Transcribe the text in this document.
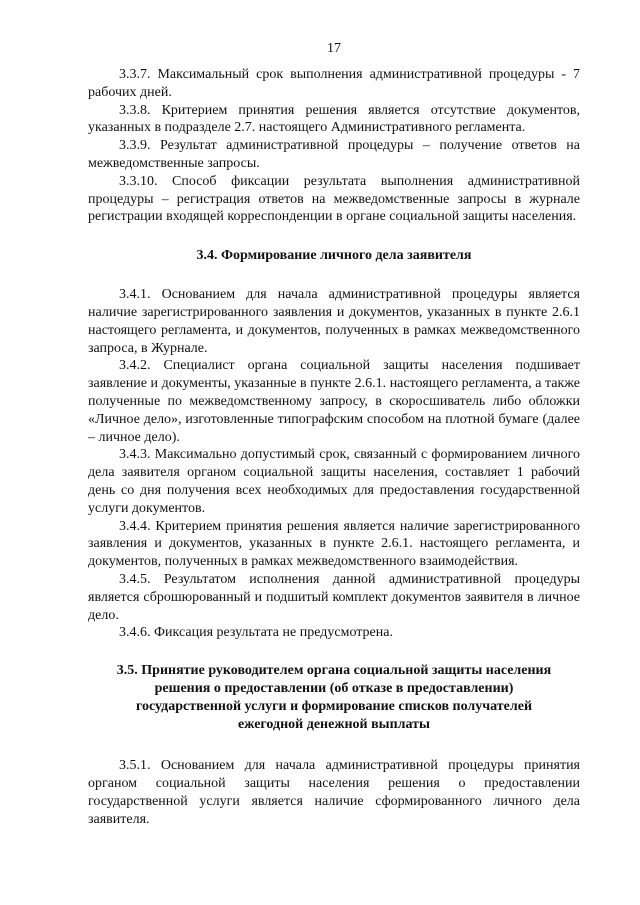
17

3.3.7. Максимальный срок выполнения административной процедуры - 7 рабочих дней.

3.3.8. Критерием принятия решения является отсутствие документов, указанных в подразделе 2.7. настоящего Административного регламента.

3.3.9. Результат административной процедуры – получение ответов на межведомственные запросы.

3.3.10. Способ фиксации результата выполнения административной процедуры – регистрация ответов на межведомственные запросы в журнале регистрации входящей корреспонденции в органе социальной защиты населения.

3.4. Формирование личного дела заявителя

3.4.1. Основанием для начала административной процедуры является наличие зарегистрированного заявления и документов, указанных в пункте 2.6.1 настоящего регламента, и документов, полученных в рамках межведомственного запроса, в Журнале.

3.4.2. Специалист органа социальной защиты населения подшивает заявление и документы, указанные в пункте 2.6.1. настоящего регламента, а также полученные по межведомственному запросу, в скоросшиватель либо обложки «Личное дело», изготовленные типографским способом на плотной бумаге (далее – личное дело).

3.4.3. Максимально допустимый срок, связанный с формированием личного дела заявителя органом социальной защиты населения, составляет 1 рабочий день со дня получения всех необходимых для предоставления государственной услуги документов.

3.4.4. Критерием принятия решения является наличие зарегистрированного заявления и документов, указанных в пункте 2.6.1. настоящего регламента, и документов, полученных в рамках межведомственного взаимодействия.

3.4.5. Результатом исполнения данной административной процедуры является сброшюрованный и подшитый комплект документов заявителя в личное дело.

3.4.6. Фиксация результата не предусмотрена.

3.5. Принятие руководителем органа социальной защиты населения решения о предоставлении (об отказе в предоставлении) государственной услуги и формирование списков получателей ежегодной денежной выплаты

3.5.1. Основанием для начала административной процедуры принятия органом социальной защиты населения решения о предоставлении государственной услуги является наличие сформированного личного дела заявителя.
